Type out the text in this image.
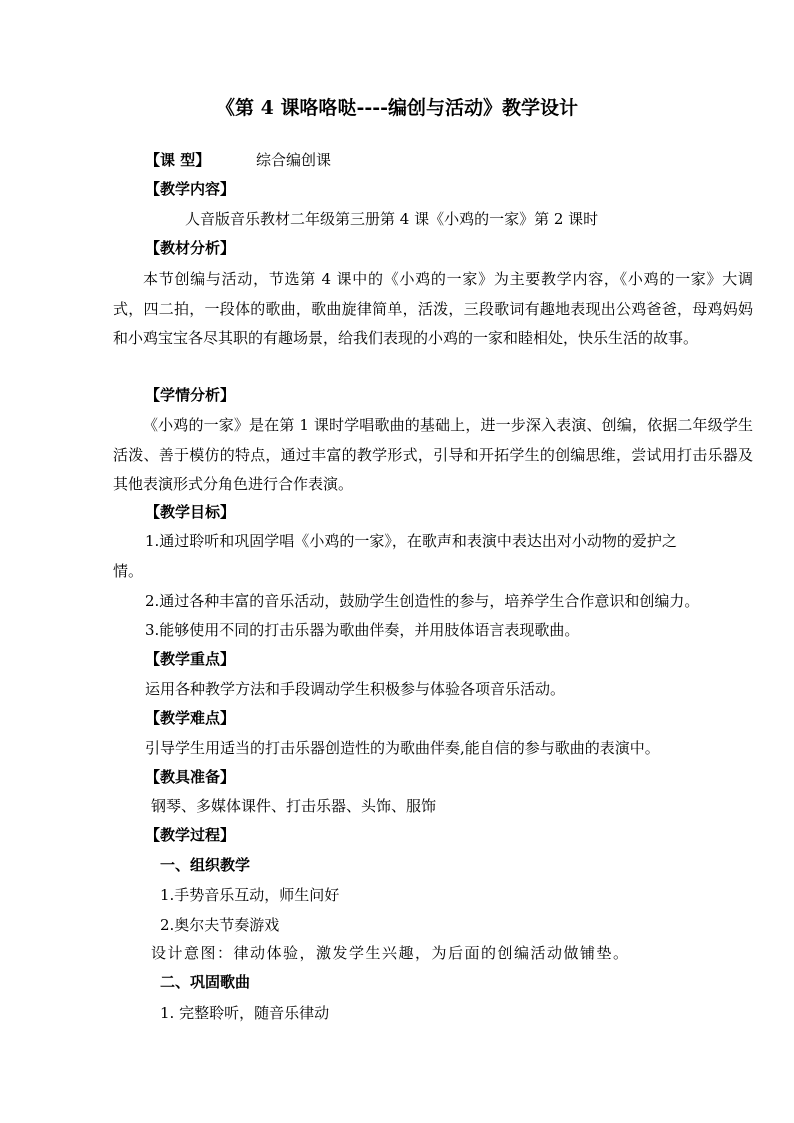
《第 4 课咯咯哒----编创与活动》教学设计
【课 型】	综合编创课
【教学内容】
人音版音乐教材二年级第三册第 4 课《小鸡的一家》第 2 课时
【教材分析】

本节创编与活动，节选第 4 课中的《小鸡的一家》为主要教学内容，《小鸡的一家》大调式，四二拍，一段体的歌曲，歌曲旋律简单，活泼，三段歌词有趣地表现出公鸡爸爸，母鸡妈妈和小鸡宝宝各尽其职的有趣场景，给我们表现的小鸡的一家和睦相处，快乐生活的故事。

【学情分析】

《小鸡的一家》是在第 1 课时学唱歌曲的基础上，进一步深入表演、创编，依据二年级学生活泼、善于模仿的特点，通过丰富的教学形式，引导和开拓学生的创编思维，尝试用打击乐器及其他表演形式分角色进行合作表演。

【教学目标】
1.通过聆听和巩固学唱《小鸡的一家》，在歌声和表演中表达出对小动物的爱护之
情。
2.通过各种丰富的音乐活动，鼓励学生创造性的参与，培养学生合作意识和创编力。
3.能够使用不同的打击乐器为歌曲伴奏，并用肢体语言表现歌曲。
【教学重点】
运用各种教学方法和手段调动学生积极参与体验各项音乐活动。
【教学难点】
引导学生用适当的打击乐器创造性的为歌曲伴奏,能自信的参与歌曲的表演中。
【教具准备】
钢琴、多媒体课件、打击乐器、头饰、服饰
【教学过程】
一、组织教学
1.手势音乐互动，师生问好
2.奥尔夫节奏游戏
设计意图：律动体验，激发学生兴趣，为后面的创编活动做铺垫。
二、巩固歌曲
1. 完整聆听，随音乐律动
